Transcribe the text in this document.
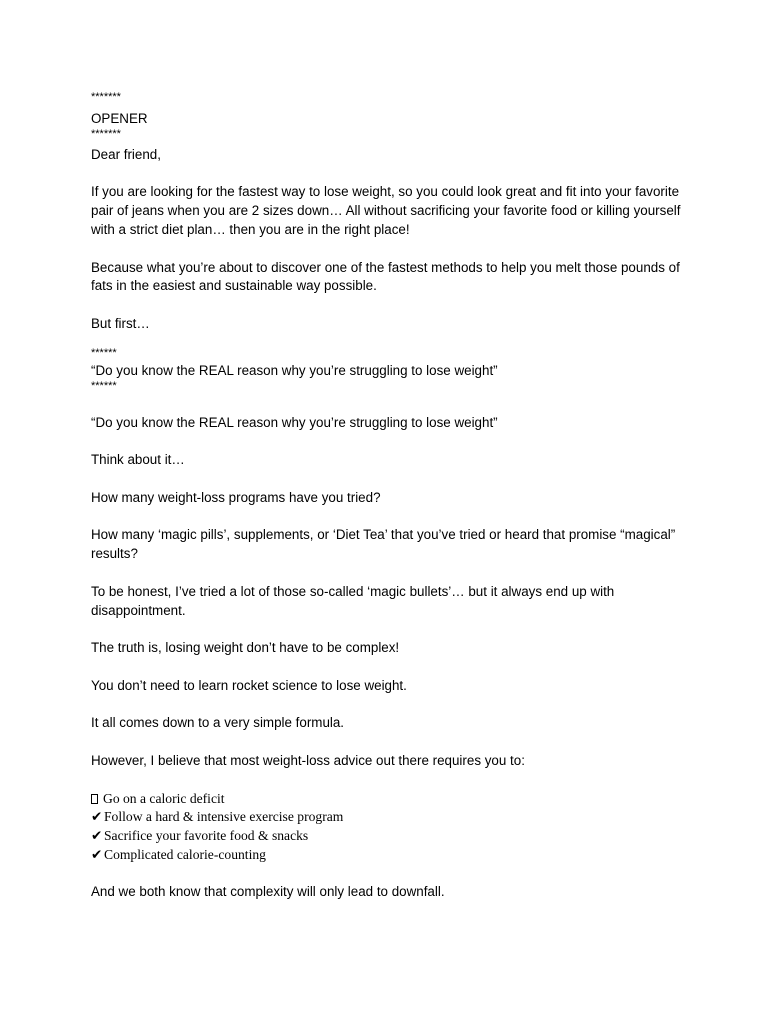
*******

OPENER

*******

Dear friend,

If you are looking for the fastest way to lose weight, so you could look great and fit into your favorite pair of jeans when you are 2 sizes down… All without sacrificing your favorite food or killing yourself with a strict diet plan… then you are in the right place!

Because what you’re about to discover one of the fastest methods to help you melt those pounds of fats in the easiest and sustainable way possible.

But first…

******

“Do you know the REAL reason why you’re struggling to lose weight”

******

“Do you know the REAL reason why you’re struggling to lose weight”

Think about it…

How many weight-loss programs have you tried?

How many ‘magic pills’, supplements, or ‘Diet Tea’ that you’ve tried or heard that promise “magical” results?

To be honest, I’ve tried a lot of those so-called ‘magic bullets’… but it always end up with disappointment.

The truth is, losing weight don’t have to be complex!

You don’t need to learn rocket science to lose weight.

It all comes down to a very simple formula.

However, I believe that most weight-loss advice out there requires you to:

Go on a caloric deficit
✔ Follow a hard & intensive exercise program
✔ Sacrifice your favorite food & snacks
✔ Complicated calorie-counting

And we both know that complexity will only lead to downfall.
